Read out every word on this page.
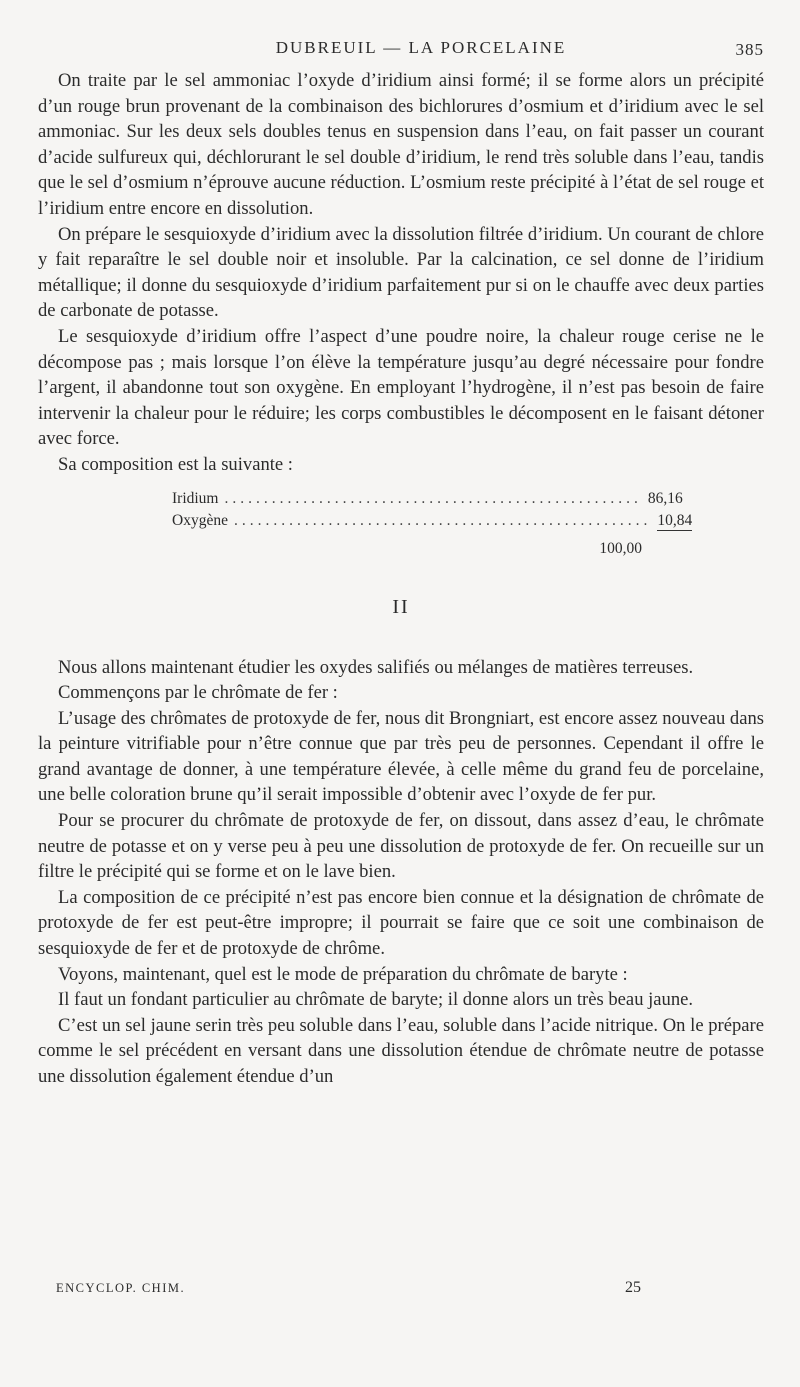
DUBREUIL — LA PORCELAINE	385

On traite par le sel ammoniac l’oxyde d’iridium ainsi formé; il se forme alors un précipité d’un rouge brun provenant de la combinaison des bichlorures d’osmium et d’iridium avec le sel ammoniac. Sur les deux sels doubles tenus en suspension dans l’eau, on fait passer un courant d’acide sulfureux qui, déchlorurant le sel double d’iridium, le rend très soluble dans l’eau, tandis que le sel d’osmium n’éprouve aucune réduction. L’osmium reste précipité à l’état de sel rouge et l’iridium entre encore en dissolution.

On prépare le sesquioxyde d’iridium avec la dissolution filtrée d’iridium. Un courant de chlore y fait reparaître le sel double noir et insoluble. Par la calcination, ce sel donne de l’iridium métallique; il donne du sesquioxyde d’iridium parfaitement pur si on le chauffe avec deux parties de carbonate de potasse.

Le sesquioxyde d’iridium offre l’aspect d’une poudre noire, la chaleur rouge cerise ne le décompose pas ; mais lorsque l’on élève la température jusqu’au degré nécessaire pour fondre l’argent, il abandonne tout son oxygène. En employant l’hydrogène, il n’est pas besoin de faire intervenir la chaleur pour le réduire; les corps combustibles le décomposent en le faisant détoner avec force.

Sa composition est la suivante :

Iridium ..................................................... 86,16
Oxygène ..................................................... 10,84
100,00
II

Nous allons maintenant étudier les oxydes salifiés ou mélanges de matières terreuses.

Commençons par le chrômate de fer :

L’usage des chrômates de protoxyde de fer, nous dit Brongniart, est encore assez nouveau dans la peinture vitrifiable pour n’être connue que par très peu de personnes. Cependant il offre le grand avantage de donner, à une température élevée, à celle même du grand feu de porcelaine, une belle coloration brune qu’il serait impossible d’obtenir avec l’oxyde de fer pur.

Pour se procurer du chrômate de protoxyde de fer, on dissout, dans assez d’eau, le chrômate neutre de potasse et on y verse peu à peu une dissolution de protoxyde de fer. On recueille sur un filtre le précipité qui se forme et on le lave bien.

La composition de ce précipité n’est pas encore bien connue et la désignation de chrômate de protoxyde de fer est peut-être impropre; il pourrait se faire que ce soit une combinaison de sesquioxyde de fer et de protoxyde de chrôme.

Voyons, maintenant, quel est le mode de préparation du chrômate de baryte :

Il faut un fondant particulier au chrômate de baryte; il donne alors un très beau jaune.

C’est un sel jaune serin très peu soluble dans l’eau, soluble dans l’acide nitrique. On le prépare comme le sel précédent en versant dans une dissolution étendue de chrômate neutre de potasse une dissolution également étendue d’un

ENCYCLOP. CHIM.	25
